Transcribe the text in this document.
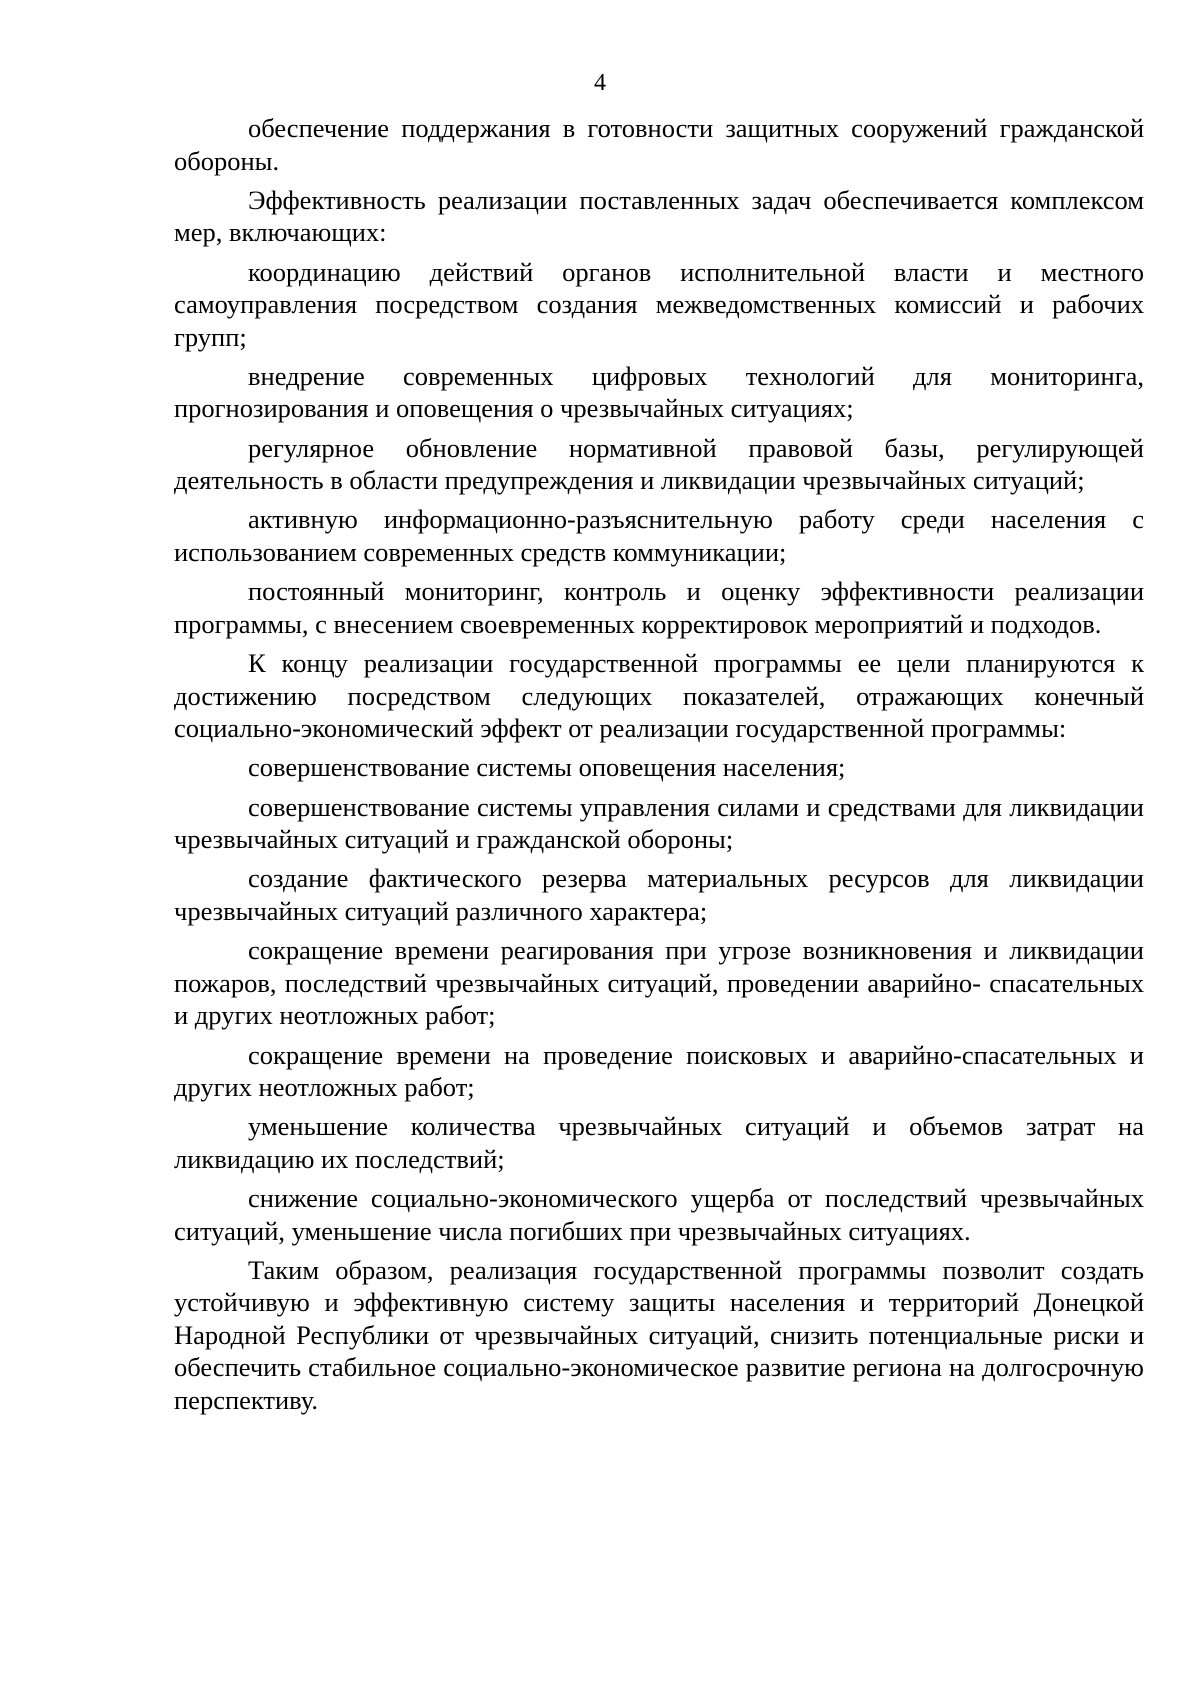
4

обеспечение поддержания в готовности защитных сооружений гражданской обороны.

Эффективность реализации поставленных задач обеспечивается комплексом мер, включающих:

координацию действий органов исполнительной власти и местного самоуправления посредством создания межведомственных комиссий и рабочих групп;

внедрение современных цифровых технологий для мониторинга, прогнозирования и оповещения о чрезвычайных ситуациях;

регулярное обновление нормативной правовой базы, регулирующей деятельность в области предупреждения и ликвидации чрезвычайных ситуаций;

активную информационно-разъяснительную работу среди населения с использованием современных средств коммуникации;

постоянный мониторинг, контроль и оценку эффективности реализации программы, с внесением своевременных корректировок мероприятий и подходов.

К концу реализации государственной программы ее цели планируются к достижению посредством следующих показателей, отражающих конечный социально-экономический эффект от реализации государственной программы:

совершенствование системы оповещения населения;

совершенствование системы управления силами и средствами для ликвидации чрезвычайных ситуаций и гражданской обороны;

создание фактического резерва материальных ресурсов для ликвидации чрезвычайных ситуаций различного характера;

сокращение времени реагирования при угрозе возникновения и ликвидации пожаров, последствий чрезвычайных ситуаций, проведении аварийно- спасательных и других неотложных работ;

сокращение времени на проведение поисковых и аварийно-спасательных и других неотложных работ;

уменьшение количества чрезвычайных ситуаций и объемов затрат на ликвидацию их последствий;

снижение социально-экономического ущерба от последствий чрезвычайных ситуаций, уменьшение числа погибших при чрезвычайных ситуациях.

Таким образом, реализация государственной программы позволит создать устойчивую и эффективную систему защиты населения и территорий Донецкой Народной Республики от чрезвычайных ситуаций, снизить потенциальные риски и обеспечить стабильное социально-экономическое развитие региона на долгосрочную перспективу.
